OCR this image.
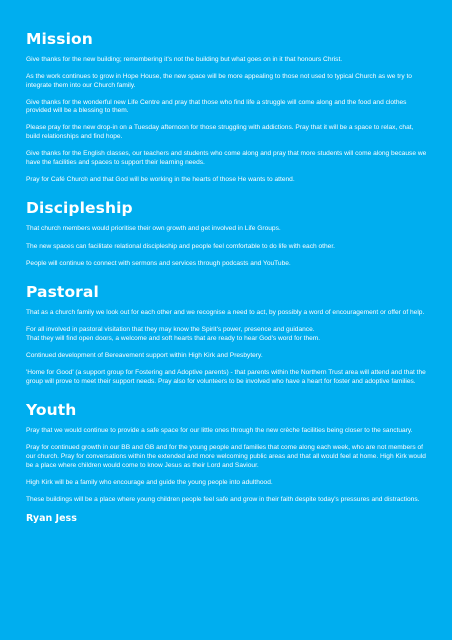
Mission

Give thanks for the new building; remembering it's not the building but what goes on in it that honours Christ.

As the work continues to grow in Hope House, the new space will be more appealing to those not used to typical Church as we try to integrate them into our Church family.

Give thanks for the wonderful new Life Centre and pray that those who find life a struggle will come along and the food and clothes provided will be a blessing to them.

Please pray for the new drop-in on a Tuesday afternoon for those struggling with addictions. Pray that it will be a space to relax, chat, build relationships and find hope.

Give thanks for the English classes, our teachers and students who come along and pray that more students will come along because we have the facilities and spaces to support their learning needs.

Pray for Café Church and that God will be working in the hearts of those He wants to attend.

Discipleship

That church members would prioritise their own growth and get involved in Life Groups.

The new spaces can facilitate relational discipleship and people feel comfortable to do life with each other.

People will continue to connect with sermons and services through podcasts and YouTube.

Pastoral

That as a church family we look out for each other and we recognise a need to act, by possibly a word of encouragement or offer of help.

For all involved in pastoral visitation that they may know the Spirit's power, presence and guidance.
That they will find open doors, a welcome and soft hearts that are ready to hear God's word for them.

Continued development of Bereavement support within High Kirk and Presbytery.

'Home for Good' (a support group for Fostering and Adoptive parents) - that parents within the Northern Trust area will attend and that the group will prove to meet their support needs. Pray also for volunteers to be involved who have a heart for foster and adoptive families.

Youth

Pray that we would continue to provide a safe space for our little ones through the new crèche facilities being closer to the sanctuary.

Pray for continued growth in our BB and GB and for the young people and families that come along each week, who are not members of our church. Pray for conversations within the extended and more welcoming public areas and that all would feel at home. High Kirk would be a place where children would come to know Jesus as their Lord and Saviour.

High Kirk will be a family who encourage and guide the young people into adulthood.

These buildings will be a place where young children people feel safe and grow in their faith despite today's pressures and distractions.

Ryan Jess
